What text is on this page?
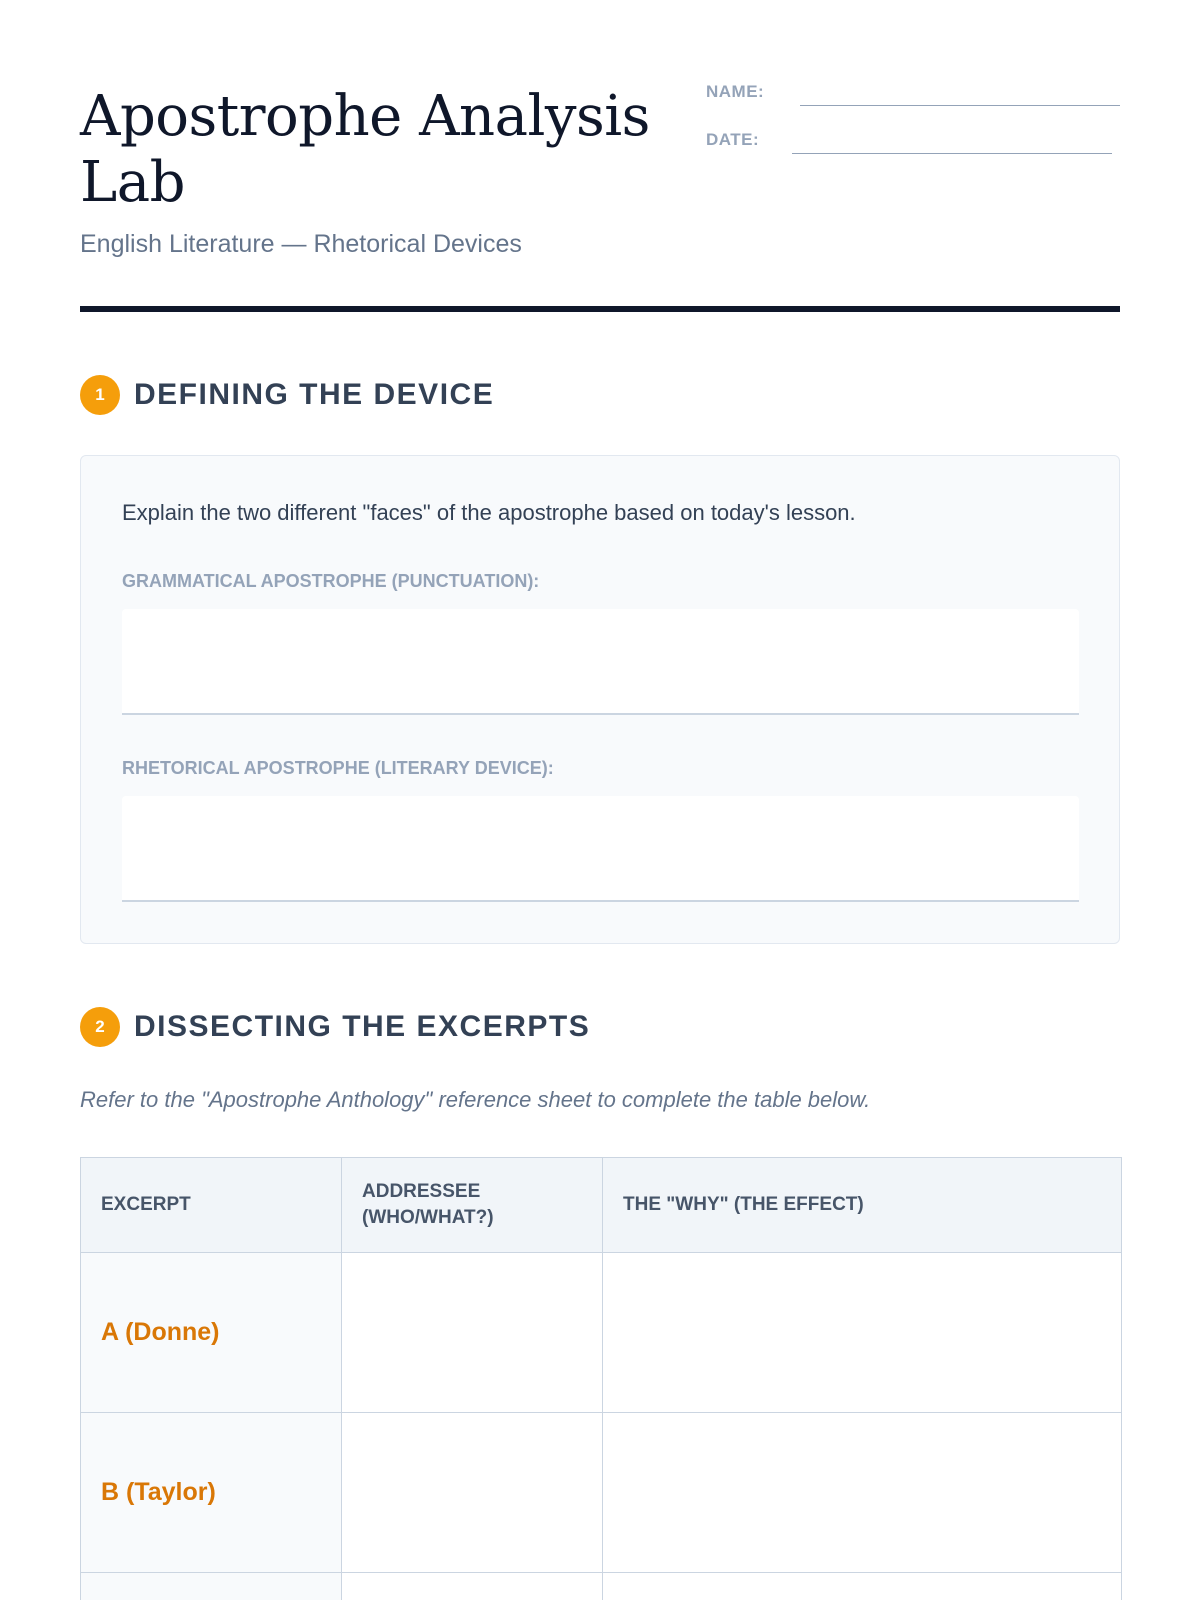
Apostrophe Analysis Lab
English Literature — Rhetorical Devices
NAME:
DATE:
1 DEFINING THE DEVICE

Explain the two different "faces" of the apostrophe based on today's lesson.

GRAMMATICAL APOSTROPHE (PUNCTUATION):
RHETORICAL APOSTROPHE (LITERARY DEVICE):
2 DISSECTING THE EXCERPTS

Refer to the "Apostrophe Anthology" reference sheet to complete the table below.

EXCERPT	ADDRESSEE (WHO/WHAT?)	THE "WHY" (THE EFFECT)
A (Donne)		
B (Taylor)		
